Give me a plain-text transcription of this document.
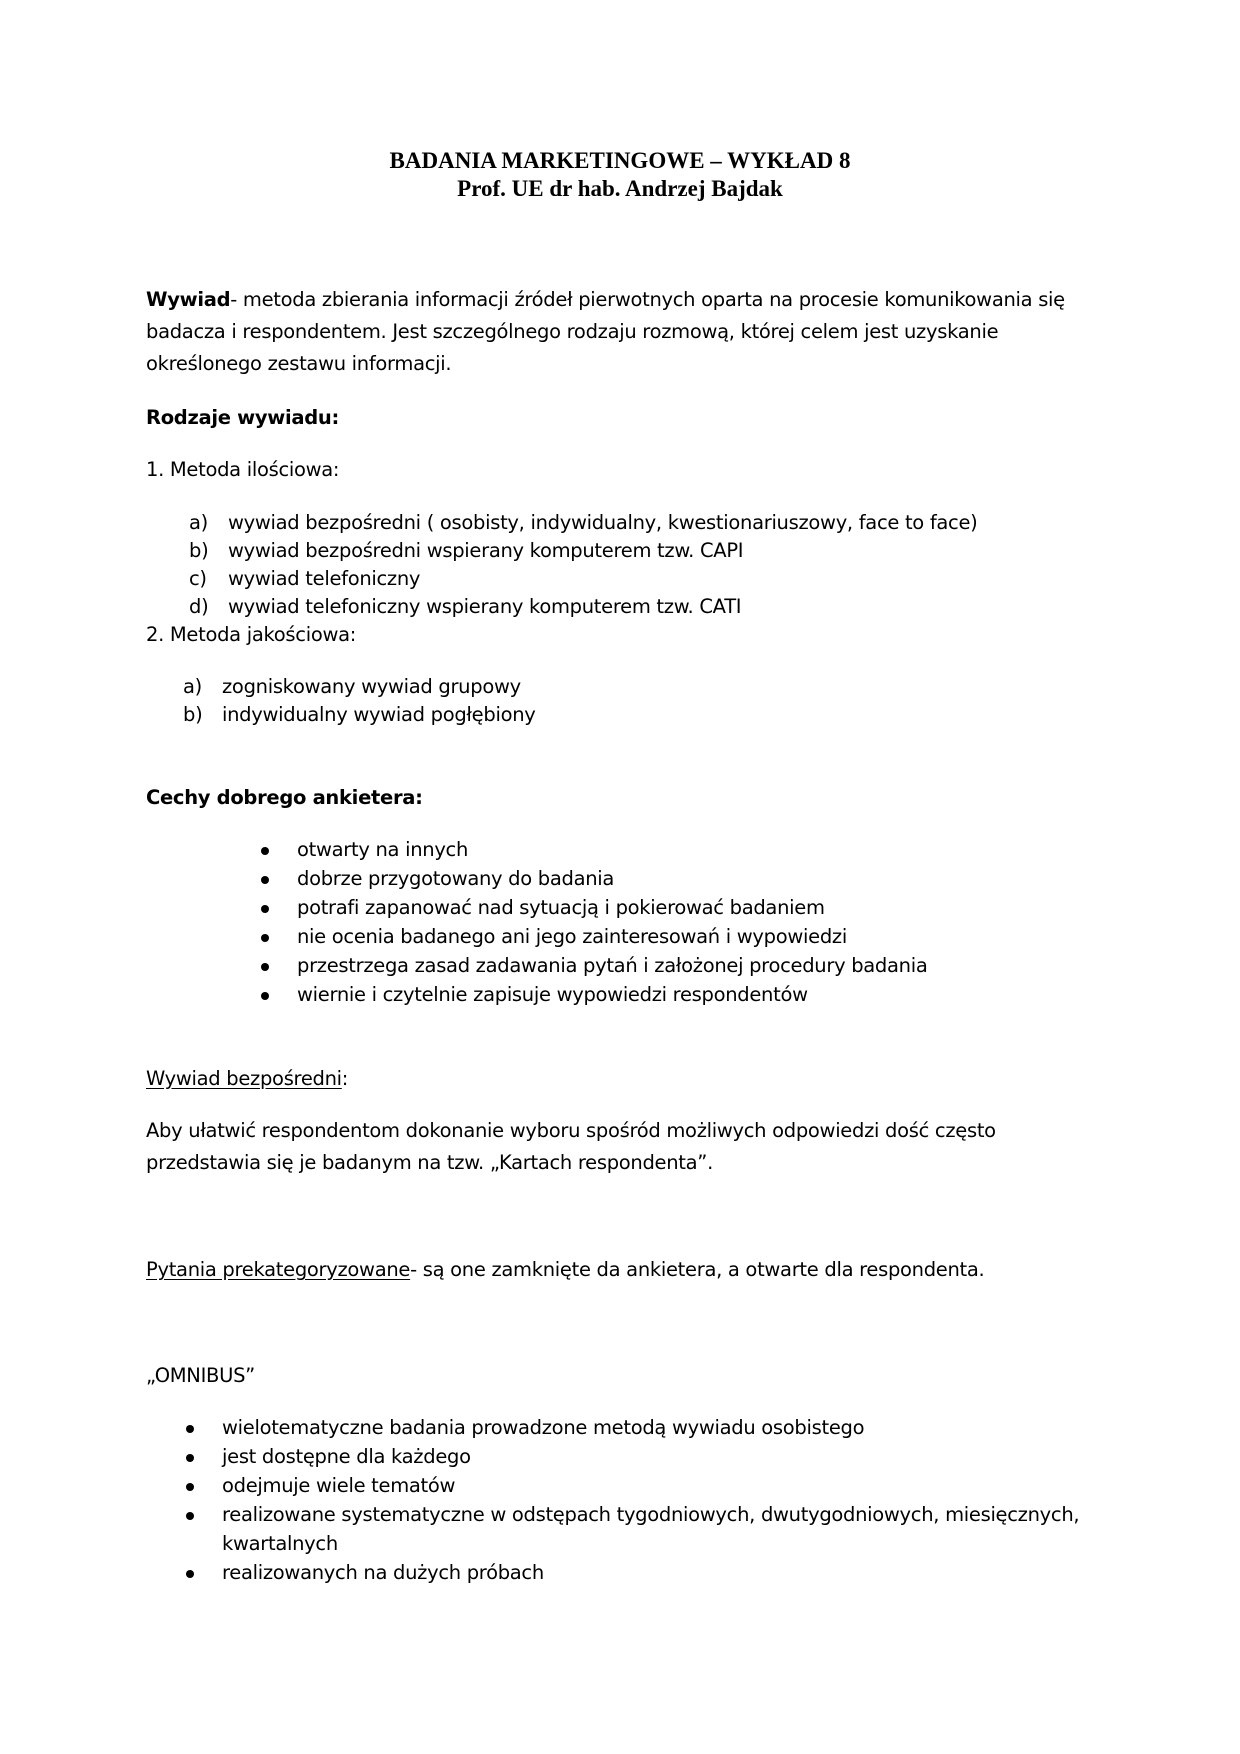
BADANIA MARKETINGOWE – WYKŁAD 8

Prof. UE dr hab. Andrzej Bajdak

Wywiad- metoda zbierania informacji źródeł pierwotnych oparta na procesie komunikowania się

badacza i respondentem. Jest szczególnego rodzaju rozmową, której celem jest uzyskanie

określonego zestawu informacji.

Rodzaje wywiadu:

1. Metoda ilościowa:

a) wywiad bezpośredni ( osobisty, indywidualny, kwestionariuszowy, face to face)

b) wywiad bezpośredni wspierany komputerem tzw. CAPI

c) wywiad telefoniczny

d) wywiad telefoniczny wspierany komputerem tzw. CATI

2. Metoda jakościowa:

a) zogniskowany wywiad grupowy

b) indywidualny wywiad pogłębiony

Cechy dobrego ankietera:

otwarty na innych

dobrze przygotowany do badania

potrafi zapanować nad sytuacją i pokierować badaniem

nie ocenia badanego ani jego zainteresowań i wypowiedzi

przestrzega zasad zadawania pytań i założonej procedury badania

wiernie i czytelnie zapisuje wypowiedzi respondentów

Wywiad bezpośredni:

Aby ułatwić respondentom dokonanie wyboru spośród możliwych odpowiedzi dość często

przedstawia się je badanym na tzw. „Kartach respondenta”.

Pytania prekategoryzowane- są one zamknięte da ankietera, a otwarte dla respondenta.

„OMNIBUS”

wielotematyczne badania prowadzone metodą wywiadu osobistego

jest dostępne dla każdego

odejmuje wiele tematów

realizowane systematyczne w odstępach tygodniowych, dwutygodniowych, miesięcznych,

kwartalnych

realizowanych na dużych próbach
